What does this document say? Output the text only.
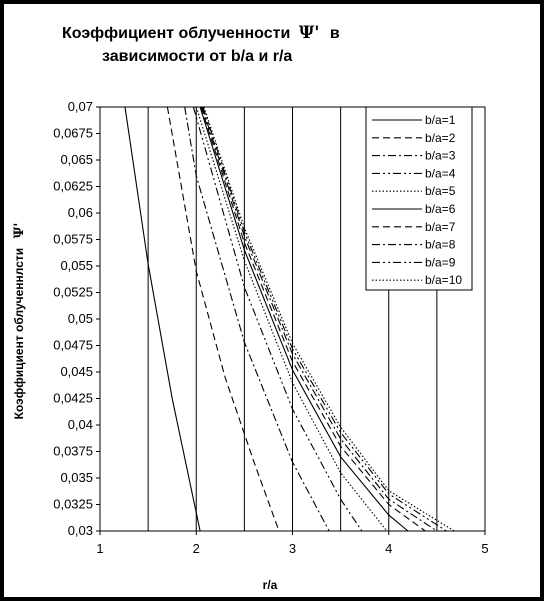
Коэффициент облученности Ψ' в
зависимости от b/a и r/a
0,07
0,0675
0,065
0,0625
0,06
0,0575
0,055
0,0525
0,05
0,0475
0,045
0,0425
0,04
0,0375
0,035
0,0325
0,03
1	2	3	4	5
r/a
Коэффициент облученнлсти Ψ'
b/a=1
b/a=2
b/a=3
b/a=4
b/a=5
b/a=6
b/a=7
b/a=8
b/a=9
b/a=10
